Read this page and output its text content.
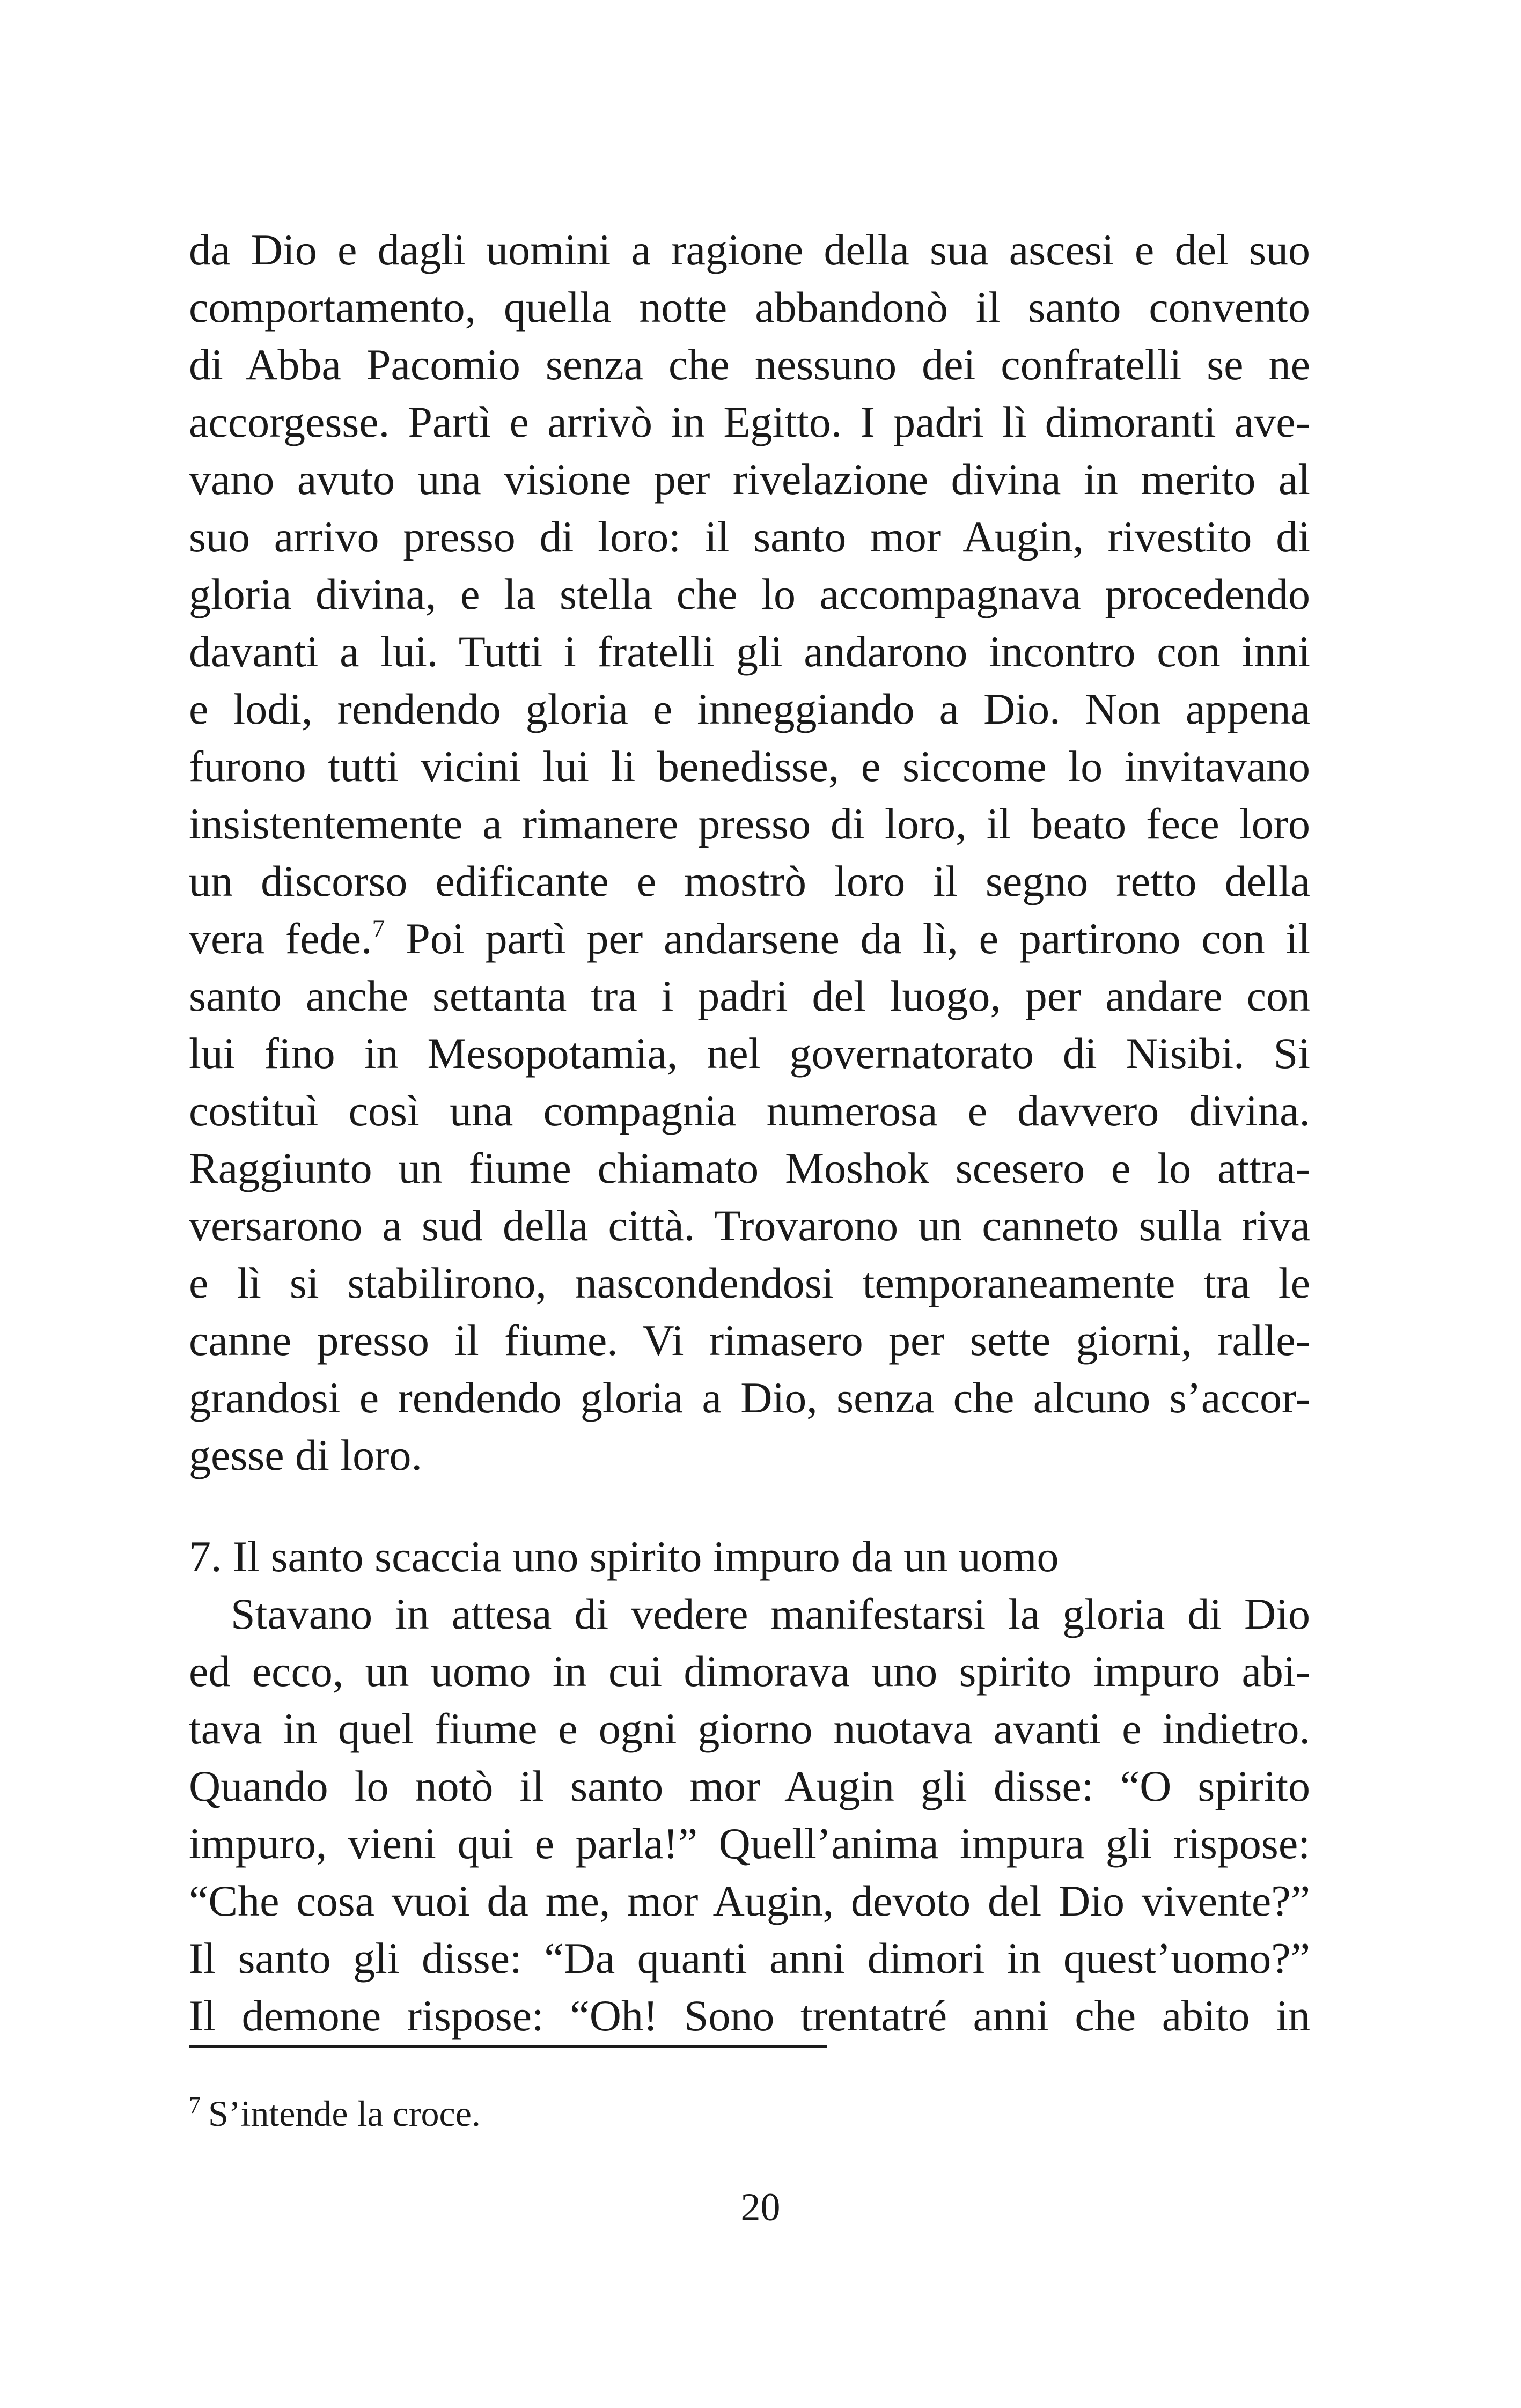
da Dio e dagli uomini a ragione della sua ascesi e del suo
comportamento, quella notte abbandonò il santo convento
di Abba Pacomio senza che nessuno dei confratelli se ne
accorgesse. Partì e arrivò in Egitto. I padri lì dimoranti ave-
vano avuto una visione per rivelazione divina in merito al
suo arrivo presso di loro: il santo mor Augin, rivestito di
gloria divina, e la stella che lo accompagnava procedendo
davanti a lui. Tutti i fratelli gli andarono incontro con inni
e lodi, rendendo gloria e inneggiando a Dio. Non appena
furono tutti vicini lui li benedisse, e siccome lo invitavano
insistentemente a rimanere presso di loro, il beato fece loro
un discorso edificante e mostrò loro il segno retto della
vera fede.$^7$ Poi partì per andarsene da lì, e partirono con il
santo anche settanta tra i padri del luogo, per andare con
lui fino in Mesopotamia, nel governatorato di Nisibi. Si
costituì così una compagnia numerosa e davvero divina.
Raggiunto un fiume chiamato Moshok scesero e lo attra-
versarono a sud della città. Trovarono un canneto sulla riva
e lì si stabilirono, nascondendosi temporaneamente tra le
canne presso il fiume. Vi rimasero per sette giorni, ralle-
grandosi e rendendo gloria a Dio, senza che alcuno s’accor-
gesse di loro.
7. Il santo scaccia uno spirito impuro da un uomo
Stavano in attesa di vedere manifestarsi la gloria di Dio
ed ecco, un uomo in cui dimorava uno spirito impuro abi-
tava in quel fiume e ogni giorno nuotava avanti e indietro.
Quando lo notò il santo mor Augin gli disse: “O spirito
impuro, vieni qui e parla!” Quell’anima impura gli rispose:
“Che cosa vuoi da me, mor Augin, devoto del Dio vivente?”
Il santo gli disse: “Da quanti anni dimori in quest’uomo?”
Il demone rispose: “Oh! Sono trentatré anni che abito in
$^7$ S’intende la croce.
20
